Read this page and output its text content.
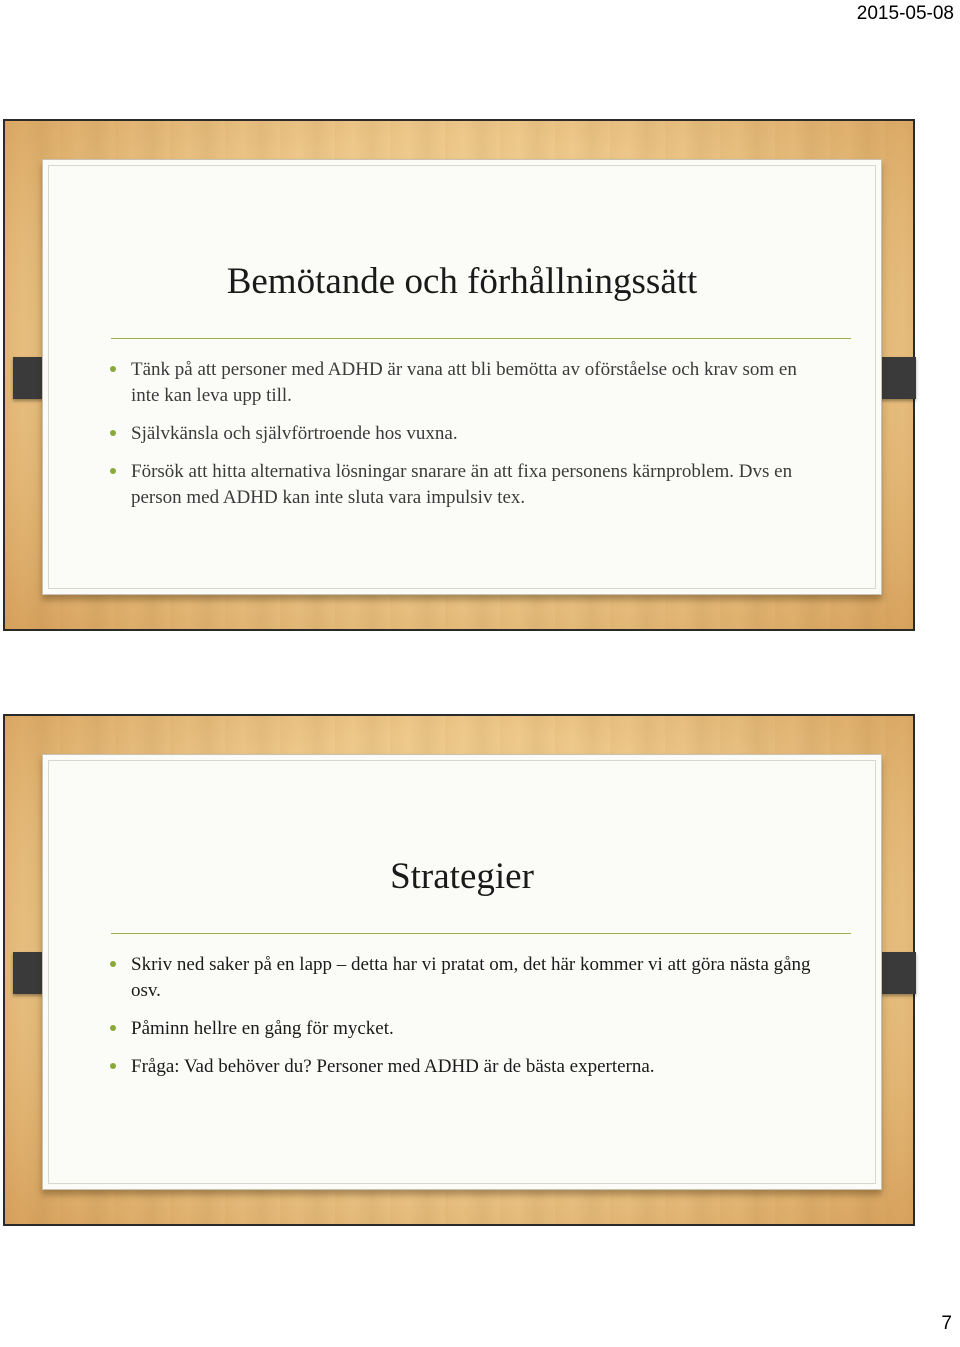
2015-05-08
Bemötande och förhållningssätt
Tänk på att personer med ADHD är vana att bli bemötta av oförståelse och krav som en inte kan leva upp till.
Självkänsla och självförtroende hos vuxna.
Försök att hitta alternativa lösningar snarare än att fixa personens kärnproblem. Dvs en person med ADHD kan inte sluta vara impulsiv tex.
Strategier
Skriv ned saker på en lapp – detta har vi pratat om, det här kommer vi att göra nästa gång osv.
Påminn hellre en gång för mycket.
Fråga: Vad behöver du? Personer med ADHD är de bästa experterna.
7
